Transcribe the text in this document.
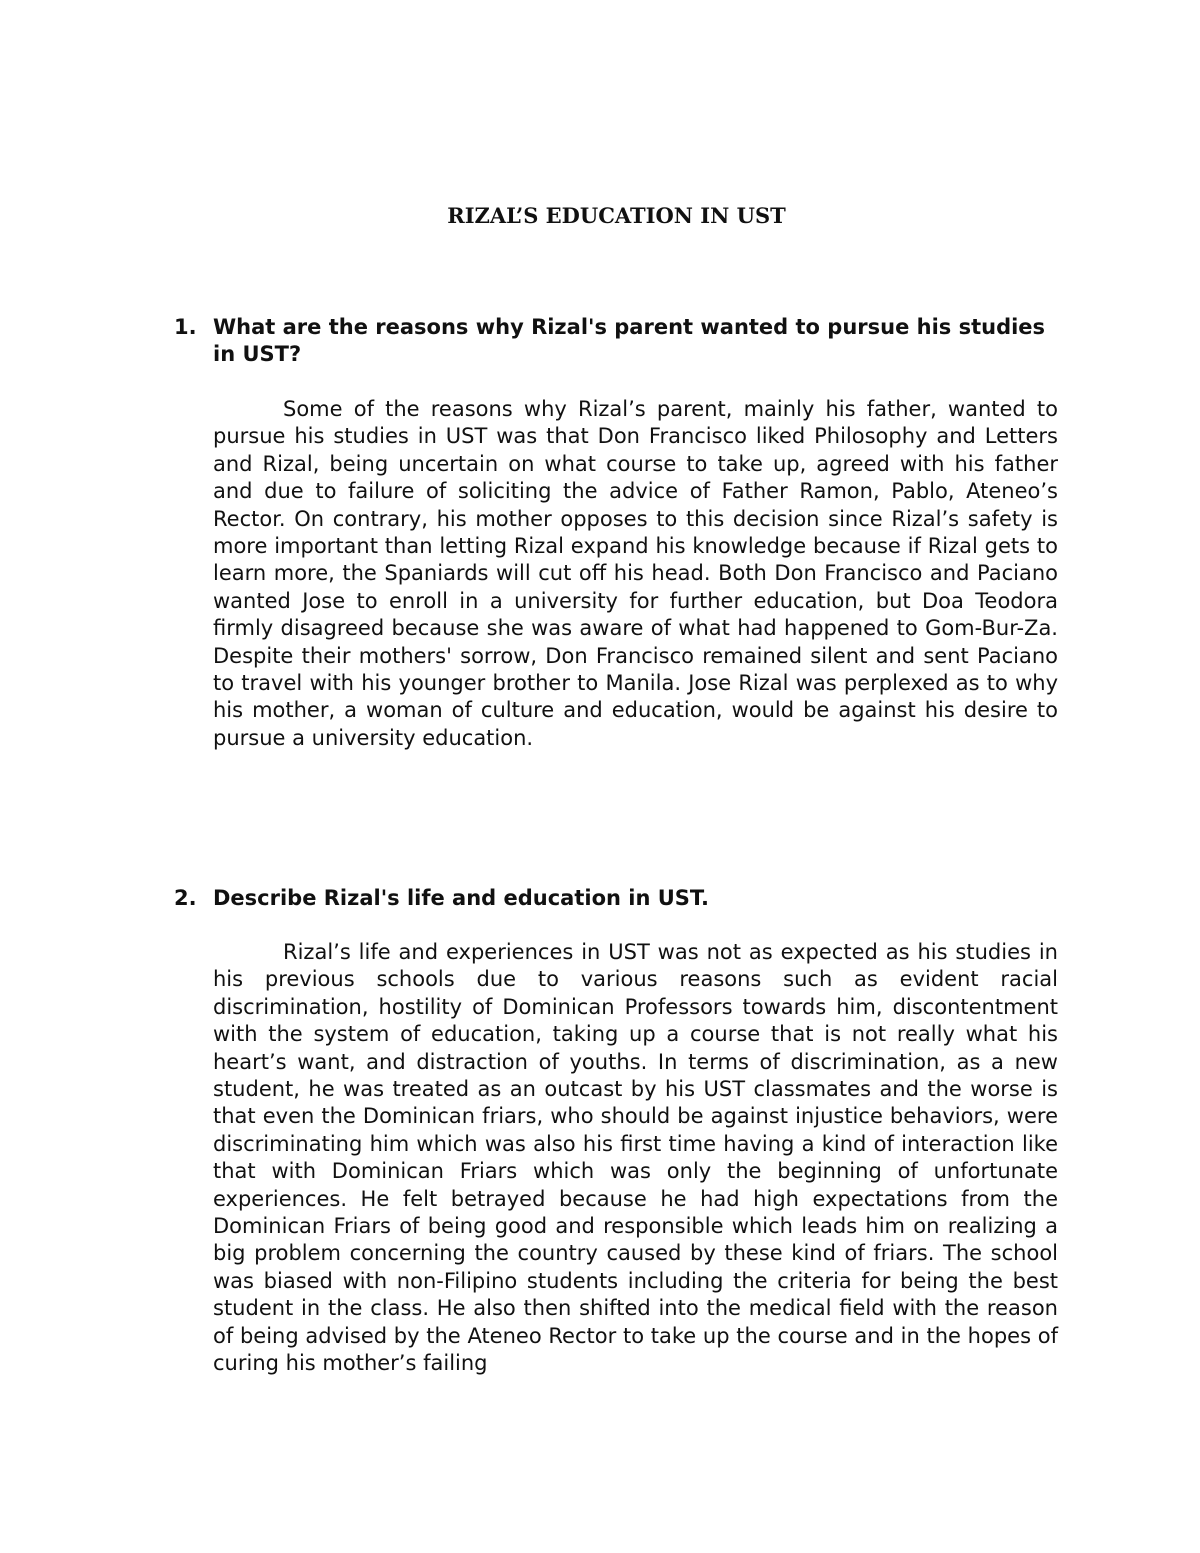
RIZAL’S EDUCATION IN UST
1. What are the reasons why Rizal's parent wanted to pursue his studies in UST?

Some of the reasons why Rizal’s parent, mainly his father, wanted to pursue his studies in UST was that Don Francisco liked Philosophy and Letters and Rizal, being uncertain on what course to take up, agreed with his father and due to failure of soliciting the advice of Father Ramon, Pablo, Ateneo’s Rector. On contrary, his mother opposes to this decision since Rizal’s safety is more important than letting Rizal expand his knowledge because if Rizal gets to learn more, the Spaniards will cut off his head. Both Don Francisco and Paciano wanted Jose to enroll in a university for further education, but Doa Teodora firmly disagreed because she was aware of what had happened to Gom-Bur-Za. Despite their mothers' sorrow, Don Francisco remained silent and sent Paciano to travel with his younger brother to Manila. Jose Rizal was perplexed as to why his mother, a woman of culture and education, would be against his desire to pursue a university education.

2. Describe Rizal's life and education in UST.

Rizal’s life and experiences in UST was not as expected as his studies in his previous schools due to various reasons such as evident racial discrimination, hostility of Dominican Professors towards him, discontentment with the system of education, taking up a course that is not really what his heart’s want, and distraction of youths. In terms of discrimination, as a new student, he was treated as an outcast by his UST classmates and the worse is that even the Dominican friars, who should be against injustice behaviors, were discriminating him which was also his first time having a kind of interaction like that with Dominican Friars which was only the beginning of unfortunate experiences. He felt betrayed because he had high expectations from the Dominican Friars of being good and responsible which leads him on realizing a big problem concerning the country caused by these kind of friars. The school was biased with non-Filipino students including the criteria for being the best student in the class. He also then shifted into the medical field with the reason of being advised by the Ateneo Rector to take up the course and in the hopes of curing his mother’s failing
